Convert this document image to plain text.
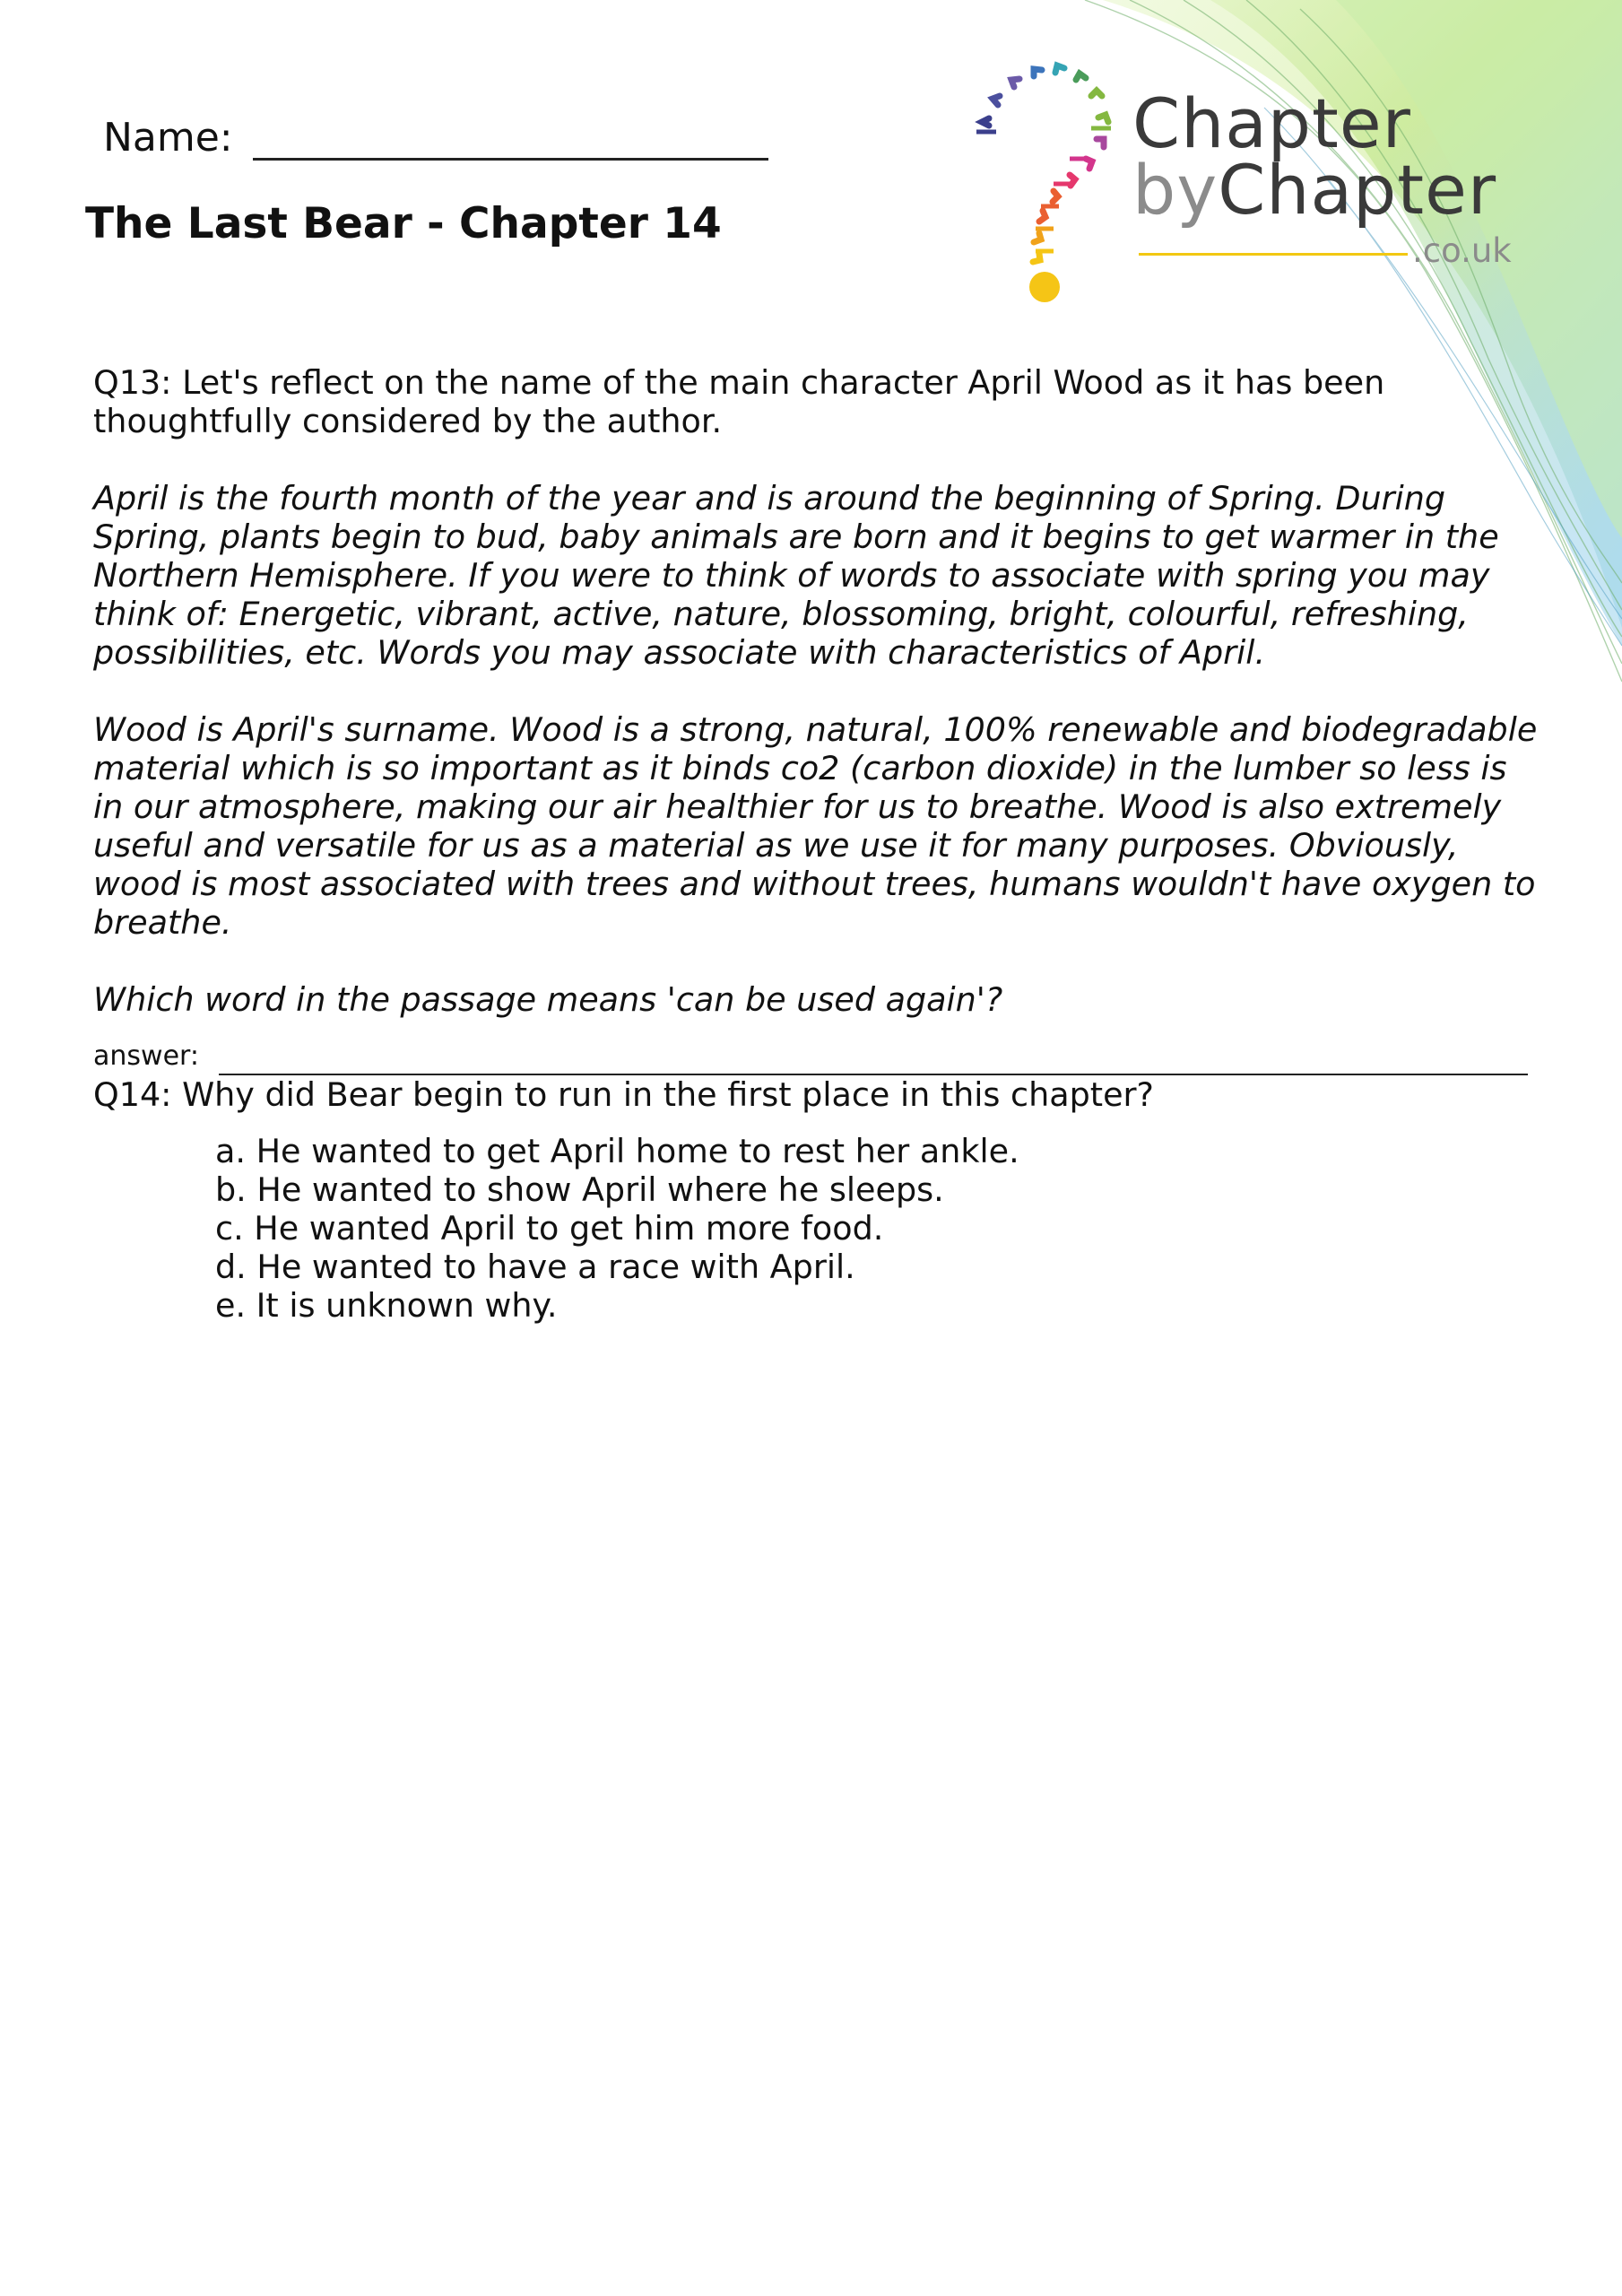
Name:
The Last Bear - Chapter 14
Chapter
byChapter
.co.uk

Q13: Let's reflect on the name of the main character April Wood as it has been thoughtfully considered by the author.

April is the fourth month of the year and is around the beginning of Spring. During Spring, plants begin to bud, baby animals are born and it begins to get warmer in the Northern Hemisphere. If you were to think of words to associate with spring you may think of: Energetic, vibrant, active, nature, blossoming, bright, colourful, refreshing, possibilities, etc. Words you may associate with characteristics of April.

Wood is April's surname. Wood is a strong, natural, 100% renewable and biodegradable material which is so important as it binds co2 (carbon dioxide) in the lumber so less is in our atmosphere, making our air healthier for us to breathe. Wood is also extremely useful and versatile for us as a material as we use it for many purposes. Obviously, wood is most associated with trees and without trees, humans wouldn't have oxygen to breathe.

Which word in the passage means 'can be used again'?

answer:

Q14: Why did Bear begin to run in the first place in this chapter?

a. He wanted to get April home to rest her ankle.
b. He wanted to show April where he sleeps.
c. He wanted April to get him more food.
d. He wanted to have a race with April.
e. It is unknown why.
